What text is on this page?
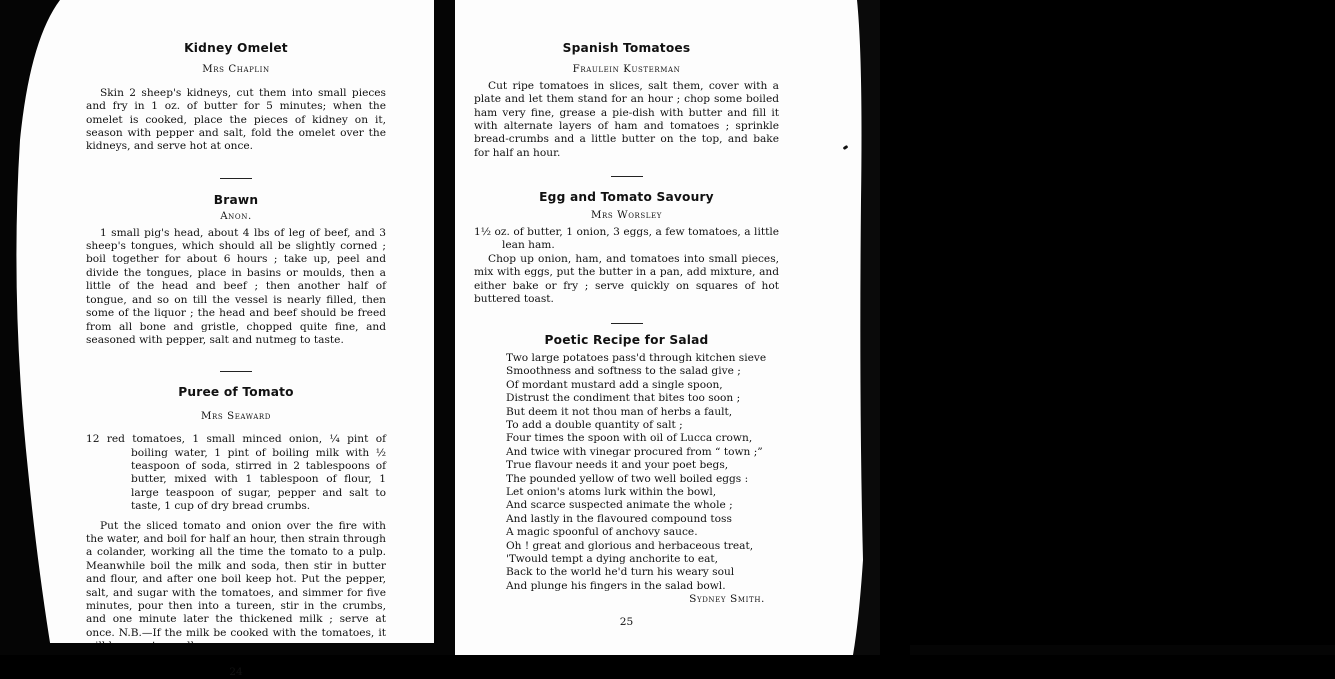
Kidney Omelet
Mrs Chaplin

Skin 2 sheep's kidneys, cut them into small pieces and fry in 1 oz. of butter for 5 minutes; when the omelet is cooked, place the pieces of kidney on it, season with pepper and salt, fold the omelet over the kidneys, and serve hot at once.

Brawn
Anon.

1 small pig's head, about 4 lbs of leg of beef, and 3 sheep's tongues, which should all be slightly corned ; boil together for about 6 hours ; take up, peel and divide the tongues, place in basins or moulds, then a little of the head and beef ; then another half of tongue, and so on till the vessel is nearly filled, then some of the liquor ; the head and beef should be freed from all bone and gristle, chopped quite fine, and seasoned with pepper, salt and nutmeg to taste.

Puree of Tomato
Mrs Seaward

12 red tomatoes, 1 small minced onion, ¼ pint of boiling water, 1 pint of boiling milk with ½ teaspoon of soda, stirred in 2 tablespoons of butter, mixed with 1 tablespoon of flour, 1 large teaspoon of sugar, pepper and salt to taste, 1 cup of dry bread crumbs.

Put the sliced tomato and onion over the fire with the water, and boil for half an hour, then strain through a colander, working all the time the tomato to a pulp. Meanwhile boil the milk and soda, then stir in butter and flour, and after one boil keep hot. Put the pepper, salt, and sugar with the tomatoes, and simmer for five minutes, pour then into a tureen, stir in the crumbs, and one minute later the thickened milk ; serve at once. N.B.—If the milk be cooked with the tomatoes, it

24
Spanish Tomatoes
Fraulein Kusterman

Cut ripe tomatoes in slices, salt them, cover with a plate and let them stand for an hour ; chop some boiled ham very fine, grease a pie-dish with butter and fill it with alternate layers of ham and tomatoes ; sprinkle bread-crumbs and a little butter on the top, and bake for half an hour.

Egg and Tomato Savoury
Mrs Worsley

1½ oz. of butter, 1 onion, 3 eggs, a few tomatoes, a little lean ham.

Chop up onion, ham, and tomatoes into small pieces, mix with eggs, put the butter in a pan, add mixture, and either bake or fry ; serve quickly on squares of hot buttered toast.

Poetic Recipe for Salad
Two large potatoes pass'd through kitchen sieve
Smoothness and softness to the salad give ;
Of mordant mustard add a single spoon,
Distrust the condiment that bites too soon ;
But deem it not thou man of herbs a fault,
To add a double quantity of salt ;
Four times the spoon with oil of Lucca crown,
And twice with vinegar procured from “ town ;”
True flavour needs it and your poet begs,
The pounded yellow of two well boiled eggs :
Let onion's atoms lurk within the bowl,
And scarce suspected animate the whole ;
And lastly in the flavoured compound toss
A magic spoonful of anchovy sauce.
Oh ! great and glorious and herbaceous treat,
'Twould tempt a dying anchorite to eat,
Back to the world he'd turn his weary soul
And plunge his fingers in the salad bowl.
Sydney Smith.
25
